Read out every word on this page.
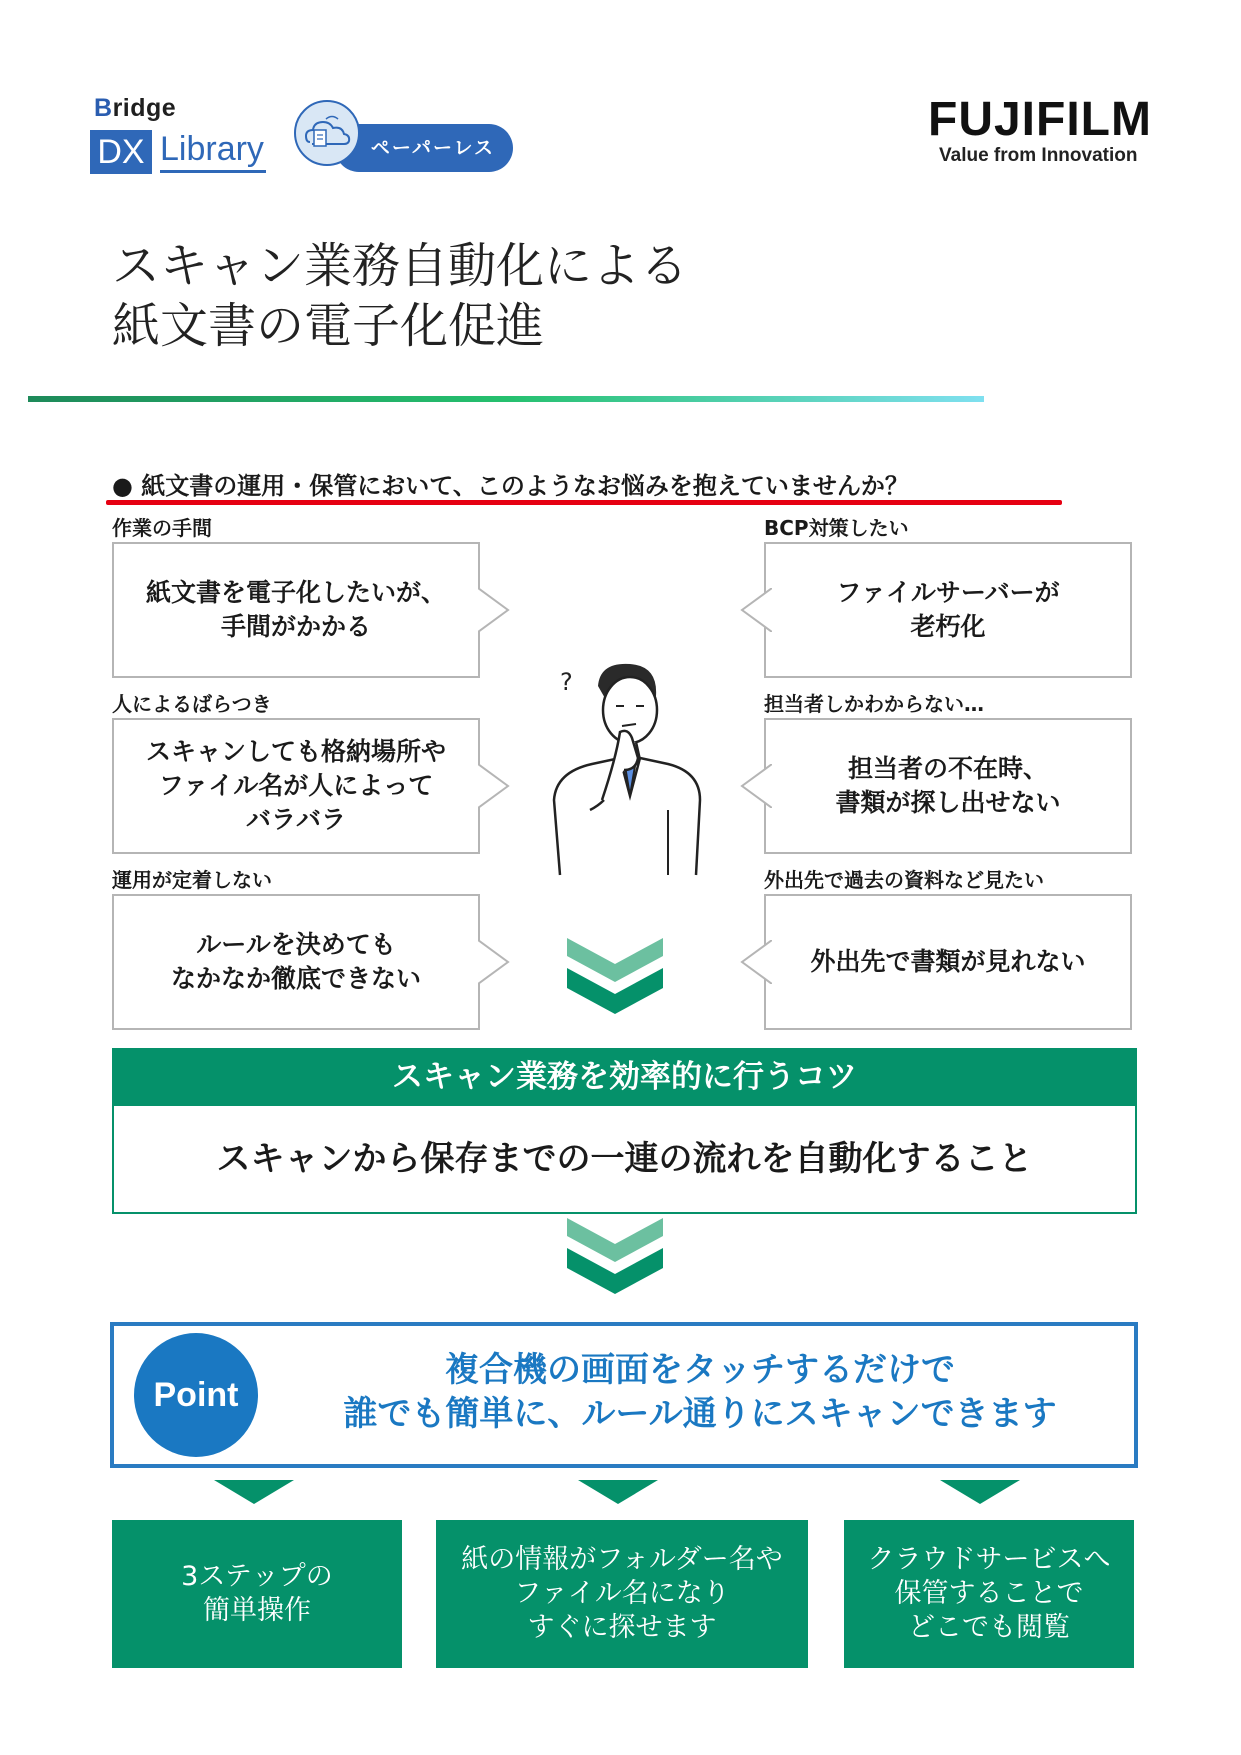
Bridge
DX Library	ペーパーレス
FUJIFILM
Value from Innovation
スキャン業務自動化による
紙文書の電子化促進
● 紙文書の運用・保管において、このようなお悩みを抱えていませんか？
作業の手間
紙文書を電子化したいが、
手間がかかる
人によるばらつき
スキャンしても格納場所や
ファイル名が人によって
バラバラ
運用が定着しない
ルールを決めても
なかなか徹底できない
BCP対策したい
ファイルサーバーが
老朽化
担当者しかわからない…
担当者の不在時、
書類が探し出せない
外出先で過去の資料など見たい
外出先で書類が見れない
?
スキャン業務を効率的に行うコツ
スキャンから保存までの一連の流れを自動化すること
Point
複合機の画面をタッチするだけで
誰でも簡単に、ルール通りにスキャンできます
3ステップの
簡単操作
紙の情報がフォルダー名や
ファイル名になり
すぐに探せます
クラウドサービスへ
保管することで
どこでも閲覧
